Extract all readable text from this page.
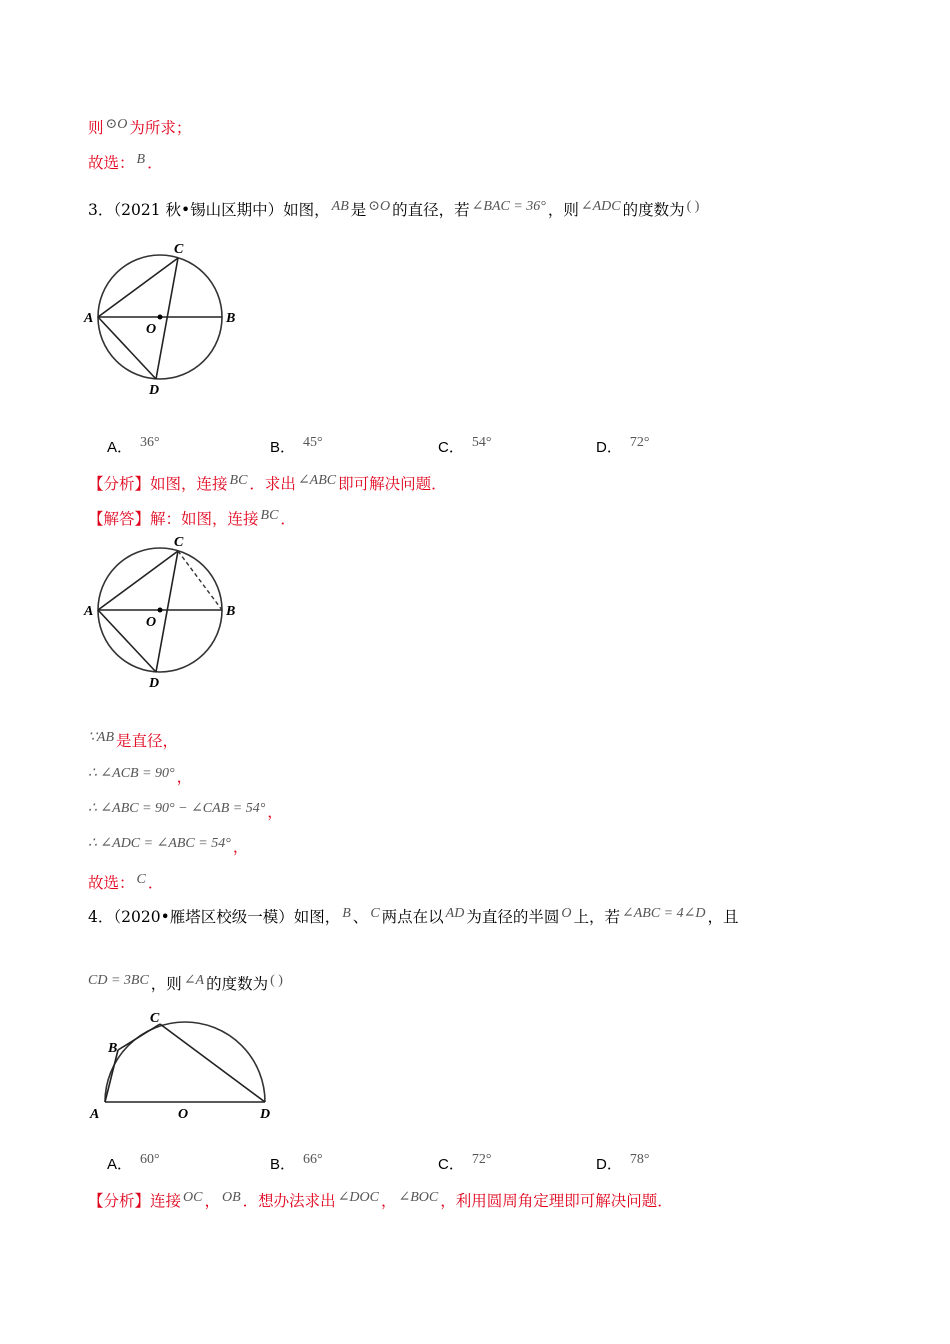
则 ⊙O 为所求；
故选： B ．
3．（2021 秋•锡山区期中）如图， AB 是 ⊙O 的直径，若 ∠BAC = 36° ，则 ∠ADC 的度数为 ( )
A	B
C
D
O
A． 36°	B． 45°	C． 54°	D． 72°
【分析】如图，连接 BC ．求出 ∠ABC 即可解决问题．
【解答】解：如图，连接 BC ．
A	B
C
D
O
∵AB 是直径，
∴ ∠ACB = 90° ，
∴ ∠ABC = 90° − ∠CAB = 54° ，
∴ ∠ADC = ∠ABC = 54° ，
故选： C ．
4．（2020•雁塔区校级一模）如图， B 、 C 两点在以 AD 为直径的半圆 O 上，若 ∠ABC = 4∠D ，且
CD = 3BC ，则 ∠A 的度数为 ( )
A
B
C
D
O
A． 60°	B． 66°	C． 72°	D． 78°
【分析】连接 OC ， OB ．想办法求出 ∠DOC ， ∠BOC ，利用圆周角定理即可解决问题．
